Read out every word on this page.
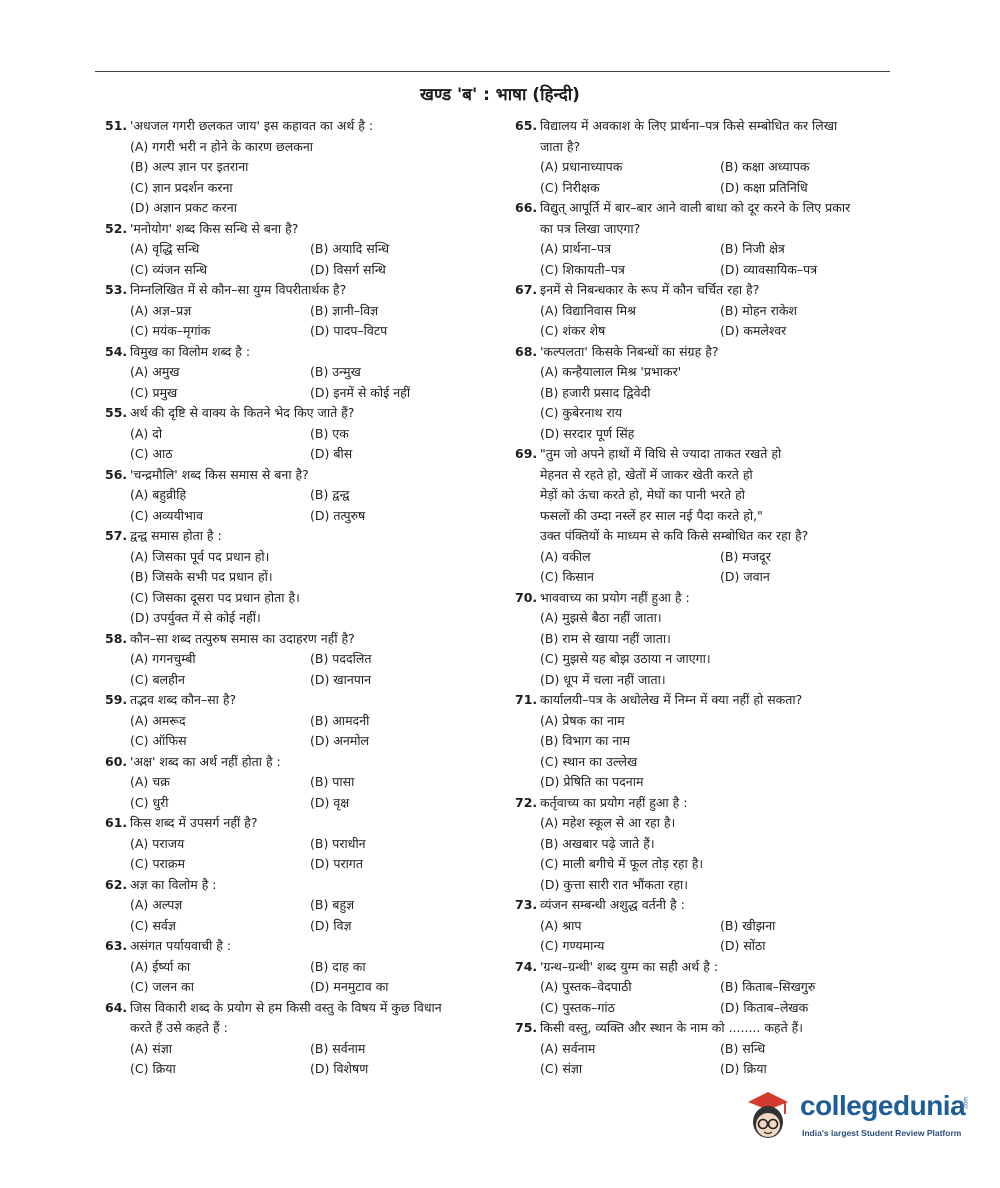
खण्ड 'ब' : भाषा (हिन्दी)
51. 'अधजल गगरी छलकत जाय' इस कहावत का अर्थ है :
(A) गगरी भरी न होने के कारण छलकना
(B) अल्प ज्ञान पर इतराना
(C) ज्ञान प्रदर्शन करना
(D) अज्ञान प्रकट करना
52. 'मनोयोग' शब्द किस सन्धि से बना है?
(A) वृद्धि सन्धि	(B) अयादि सन्धि
(C) व्यंजन सन्धि	(D) विसर्ग सन्धि
53. निम्नलिखित में से कौन–सा युग्म विपरीतार्थक है?
(A) अज्ञ–प्रज्ञ	(B) ज्ञानी–विज्ञ
(C) मयंक–मृगांक	(D) पादप–विटप
54. विमुख का विलोम शब्द है :
(A) अमुख	(B) उन्मुख
(C) प्रमुख	(D) इनमें से कोई नहीं
55. अर्थ की दृष्टि से वाक्य के कितने भेद किए जाते हैं?
(A) दो	(B) एक
(C) आठ	(D) बीस
56. 'चन्द्रमौलि' शब्द किस समास से बना है?
(A) बहुव्रीहि	(B) द्वन्द्व
(C) अव्ययीभाव	(D) तत्पुरुष
57. द्वन्द्व समास होता है :
(A) जिसका पूर्व पद प्रधान हो।
(B) जिसके सभी पद प्रधान हों।
(C) जिसका दूसरा पद प्रधान होता है।
(D) उपर्युक्त में से कोई नहीं।
58. कौन–सा शब्द तत्पुरुष समास का उदाहरण नहीं है?
(A) गगनचुम्बी	(B) पददलित
(C) बलहीन	(D) खानपान
59. तद्भव शब्द कौन–सा है?
(A) अमरूद	(B) आमदनी
(C) ऑफिस	(D) अनमोल
60. 'अक्ष' शब्द का अर्थ नहीं होता है :
(A) चक्र	(B) पासा
(C) धुरी	(D) वृक्ष
61. किस शब्द में उपसर्ग नहीं है?
(A) पराजय	(B) पराधीन
(C) पराक्रम	(D) परागत
62. अज्ञ का विलोम है :
(A) अल्पज्ञ	(B) बहुज्ञ
(C) सर्वज्ञ	(D) विज्ञ
63. असंगत पर्यायवाची है :
(A) ईर्ष्या का	(B) दाह का
(C) जलन का	(D) मनमुटाव का
64. जिस विकारी शब्द के प्रयोग से हम किसी वस्तु के विषय में कुछ विधान
करते हैं उसे कहते हैं :
(A) संज्ञा	(B) सर्वनाम
(C) क्रिया	(D) विशेषण
65. विद्यालय में अवकाश के लिए प्रार्थना–पत्र किसे सम्बोधित कर लिखा
जाता है?
(A) प्रधानाध्यापक	(B) कक्षा अध्यापक
(C) निरीक्षक	(D) कक्षा प्रतिनिधि
66. विद्युत् आपूर्ति में बार–बार आने वाली बाधा को दूर करने के लिए प्रकार
का पत्र लिखा जाएगा?
(A) प्रार्थना–पत्र	(B) निजी क्षेत्र
(C) शिकायती–पत्र	(D) व्यावसायिक–पत्र
67. इनमें से निबन्धकार के रूप में कौन चर्चित रहा है?
(A) विद्यानिवास मिश्र	(B) मोहन राकेश
(C) शंकर शेष	(D) कमलेश्वर
68. 'कल्पलता' किसके निबन्धों का संग्रह है?
(A) कन्हैयालाल मिश्र 'प्रभाकर'
(B) हजारी प्रसाद द्विवेदी
(C) कुबेरनाथ राय
(D) सरदार पूर्ण सिंह
69. "तुम जो अपने हाथों में विधि से ज्यादा ताकत रखते हो
मेहनत से रहते हो, खेतों में जाकर खेती करते हो
मेड़ों को ऊंचा करते हो, मेघों का पानी भरते हो
फसलों की उम्दा नस्लें हर साल नई पैदा करते हो,"
उक्त पंक्तियों के माध्यम से कवि किसे सम्बोधित कर रहा है?
(A) वकील	(B) मजदूर
(C) किसान	(D) जवान
70. भाववाच्य का प्रयोग नहीं हुआ है :
(A) मुझसे बैठा नहीं जाता।
(B) राम से खाया नहीं जाता।
(C) मुझसे यह बोझ उठाया न जाएगा।
(D) धूप में चला नहीं जाता।
71. कार्यालयी–पत्र के अधोलेख में निम्न में क्या नहीं हो सकता?
(A) प्रेषक का नाम
(B) विभाग का नाम
(C) स्थान का उल्लेख
(D) प्रेषिति का पदनाम
72. कर्तृवाच्य का प्रयोग नहीं हुआ है :
(A) महेश स्कूल से आ रहा है।
(B) अखबार पढ़े जाते हैं।
(C) माली बगीचे में फूल तोड़ रहा है।
(D) कुत्ता सारी रात भौंकता रहा।
73. व्यंजन सम्बन्धी अशुद्ध वर्तनी है :
(A) श्राप	(B) खीझना
(C) गण्यमान्य	(D) सोंठा
74. 'ग्रन्थ–ग्रन्थी' शब्द युग्म का सही अर्थ है :
(A) पुस्तक–वेदपाठी	(B) किताब–सिखगुरु
(C) पुस्तक–गांठ	(D) किताब–लेखक
75. किसी वस्तु, व्यक्ति और स्थान के नाम को ........ कहते हैं।
(A) सर्वनाम	(B) सन्धि
(C) संज्ञा	(D) क्रिया
collegedunia
.com
India's largest Student Review Platform
